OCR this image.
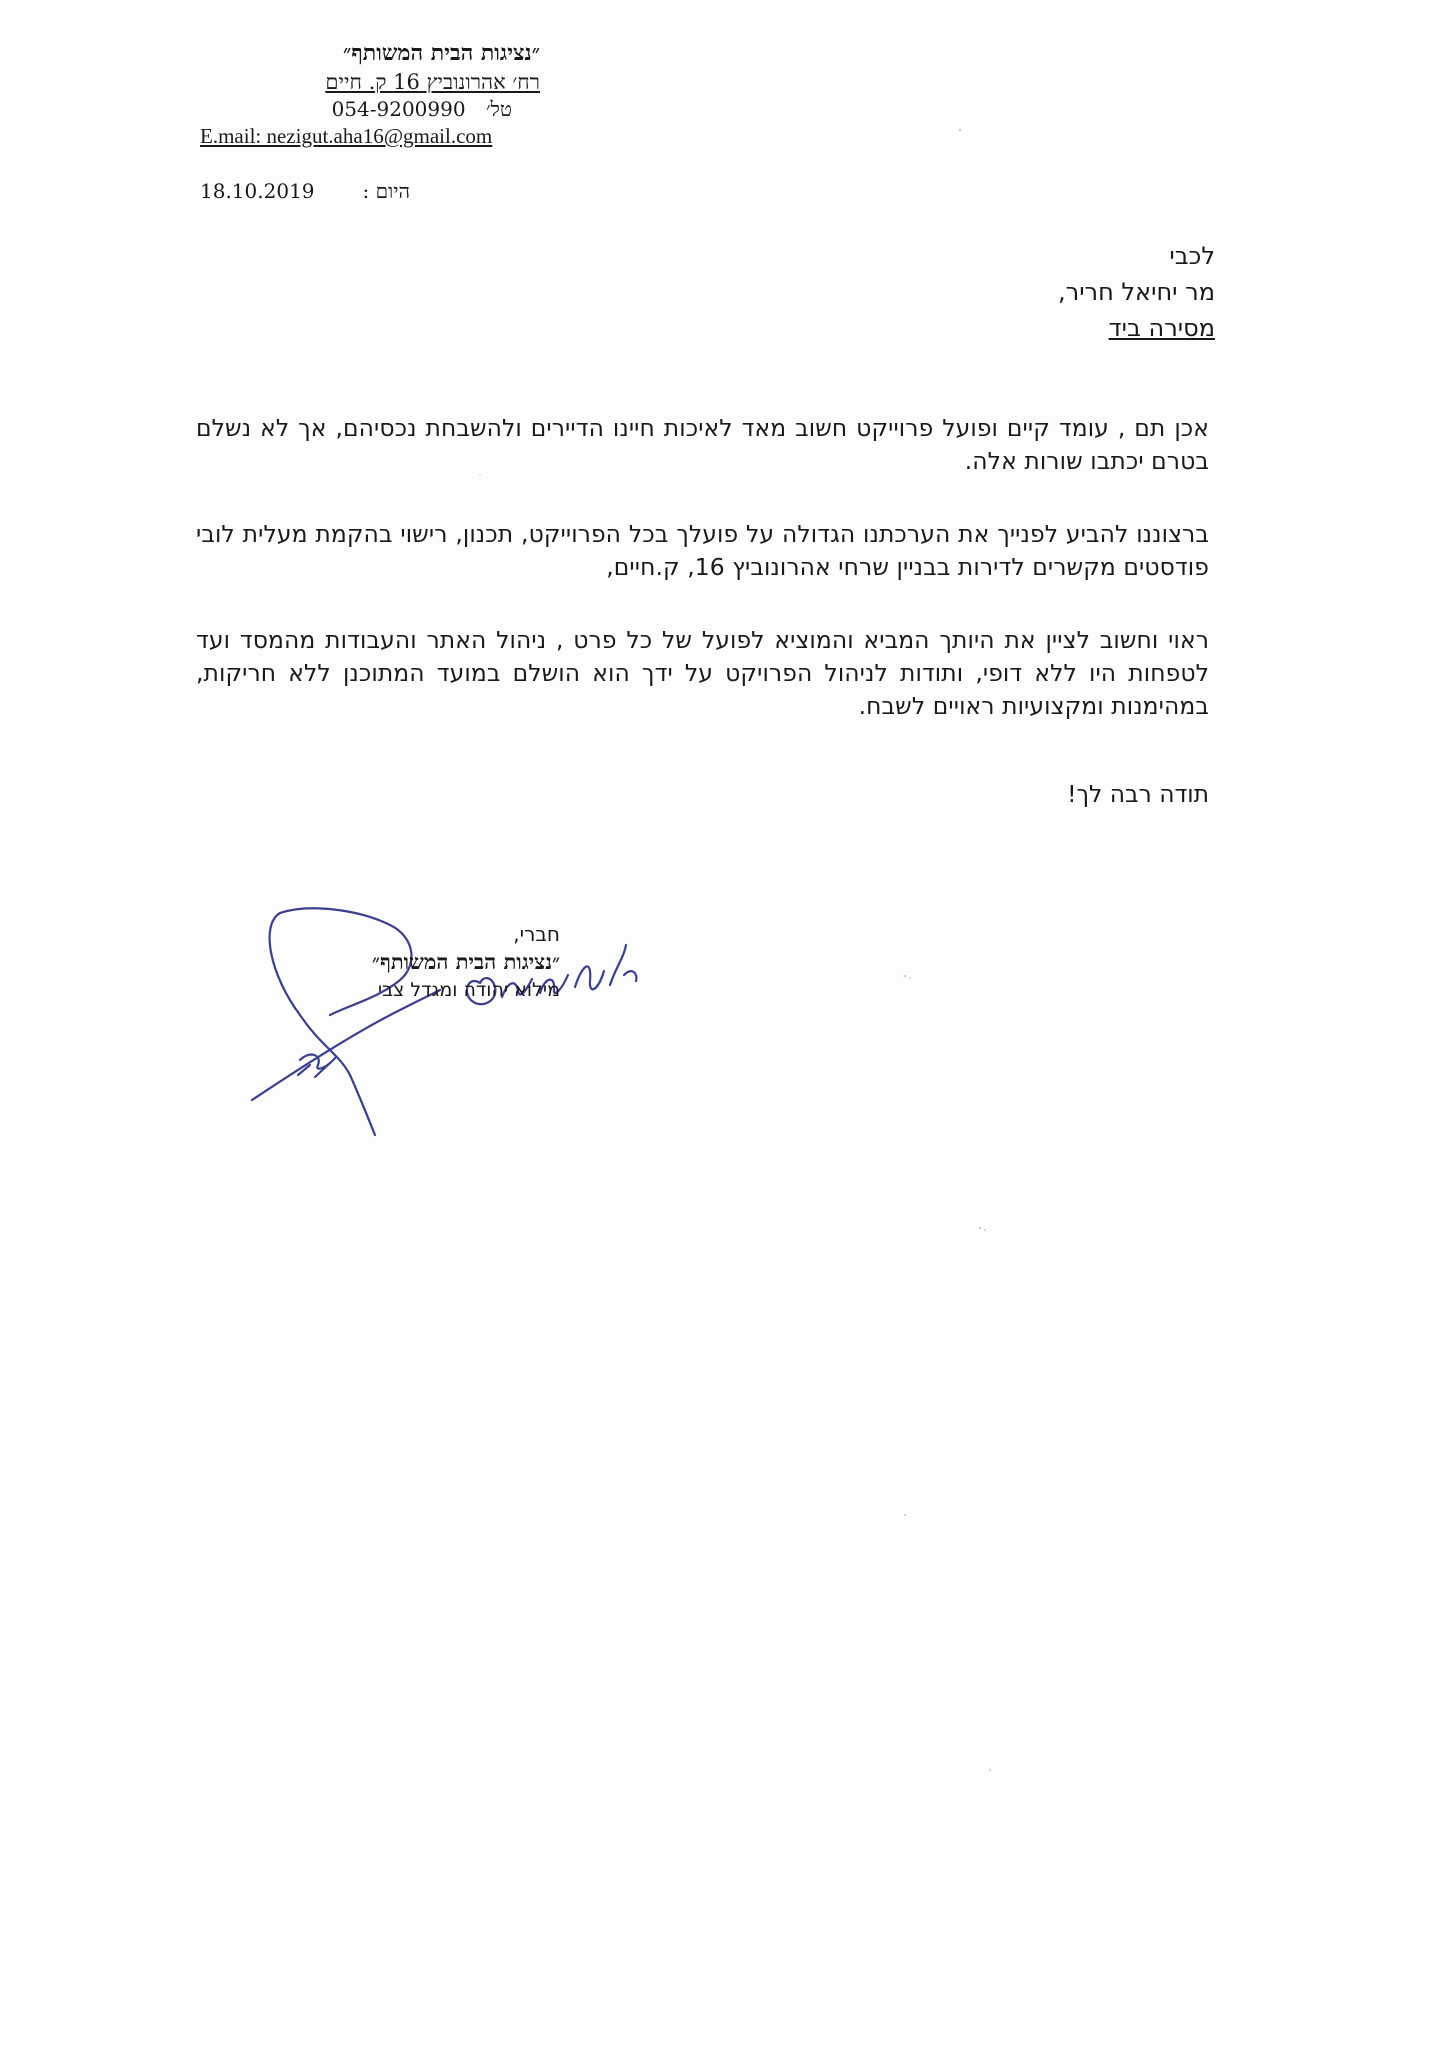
״נציגות הבית המשותף״
רח׳ אהרונוביץ 16 ק. חיים
טל׳ 054-9200990
E.mail: nezigut.aha16@gmail.com
18.10.2019 היום :
לכבי
מר יחיאל חריר,
מסירה ביד

אכן תם , עומד קיים ופועל פרוייקט חשוב מאד לאיכות חיינו הדיירים ולהשבחת נכסיהם, אך לא נשלם בטרם יכתבו שורות אלה.

ברצוננו להביע לפנייך את הערכתנו הגדולה על פועלך בכל הפרוייקט, תכנון, רישוי בהקמת מעלית לובי פודסטים מקשרים לדירות בבניין שרחי אהרונוביץ 16, ק.חיים,

ראוי וחשוב לציין את היותך המביא והמוציא לפועל של כל פרט , ניהול האתר והעבודות מהמסד ועד לטפחות היו ללא דופי, ותודות לניהול הפרויקט על ידך הוא הושלם במועד המתוכנן ללא חריקות, במהימנות ומקצועיות ראויים לשבח.

תודה רבה לך!
חברי,
״נציגות הבית המשותף״
מילוא יהודה ומגדל צבי
